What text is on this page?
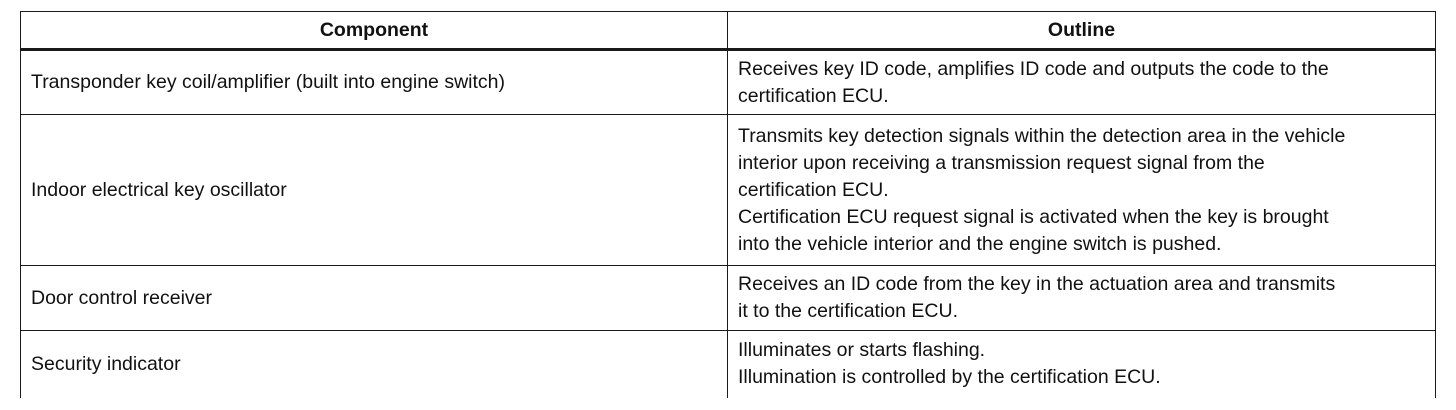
Component	Outline
Transponder key coil/amplifier (built into engine switch)	Receives key ID code, amplifies ID code and outputs the code to the
certification ECU.

Indoor electrical key oscillator	Transmits key detection signals within the detection area in the vehicle
interior upon receiving a transmission request signal from the
certification ECU.
Certification ECU request signal is activated when the key is brought
into the vehicle interior and the engine switch is pushed.

Door control receiver	Receives an ID code from the key in the actuation area and transmits
it to the certification ECU.

Security indicator	Illuminates or starts flashing.
Illumination is controlled by the certification ECU.
